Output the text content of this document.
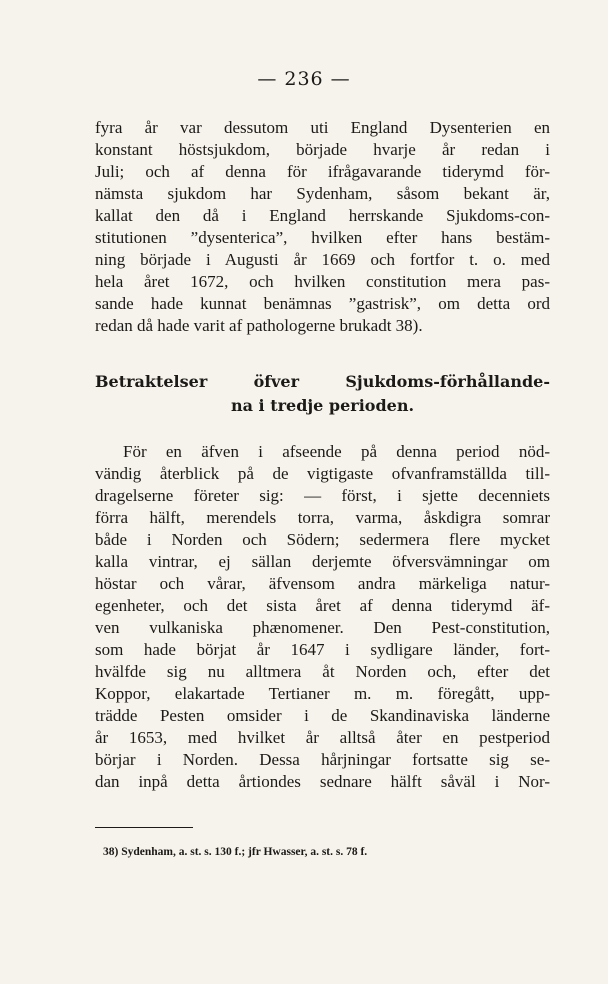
— 236 —
fyra år var dessutom uti England Dysenterien en
konstant höstsjukdom, började hvarje år redan i
Juli; och af denna för ifrågavarande tiderymd för-
nämsta sjukdom har Sydenham, såsom bekant är,
kallat den då i England herrskande Sjukdoms-con-
stitutionen ”dysenterica”, hvilken efter hans bestäm-
ning började i Augusti år 1669 och fortfor t. o. med
hela året 1672, och hvilken constitution mera pas-
sande hade kunnat benämnas ”gastrisk”, om detta ord
redan då hade varit af pathologerne brukadt 38).
Betraktelser öfver Sjukdoms-förhållande-
na i tredje perioden.
För en äfven i afseende på denna period nöd-
vändig återblick på de vigtigaste ofvanframställda till-
dragelserne företer sig: — först, i sjette decenniets
förra hälft, merendels torra, varma, åskdigra somrar
både i Norden och Södern; sedermera flere mycket
kalla vintrar, ej sällan derjemte öfversvämningar om
höstar och vårar, äfvensom andra märkeliga natur-
egenheter, och det sista året af denna tiderymd äf-
ven vulkaniska phænomener. Den Pest-constitution,
som hade börjat år 1647 i sydligare länder, fort-
hvälfde sig nu alltmera åt Norden och, efter det
Koppor, elakartade Tertianer m. m. föregått, upp-
trädde Pesten omsider i de Skandinaviska länderne
år 1653, med hvilket år alltså åter en pestperiod
börjar i Norden. Dessa hårjningar fortsatte sig se-
dan inpå detta årtiondes sednare hälft såväl i Nor-
38) Sydenham, a. st. s. 130 f.; jfr Hwasser, a. st. s. 78 f.
